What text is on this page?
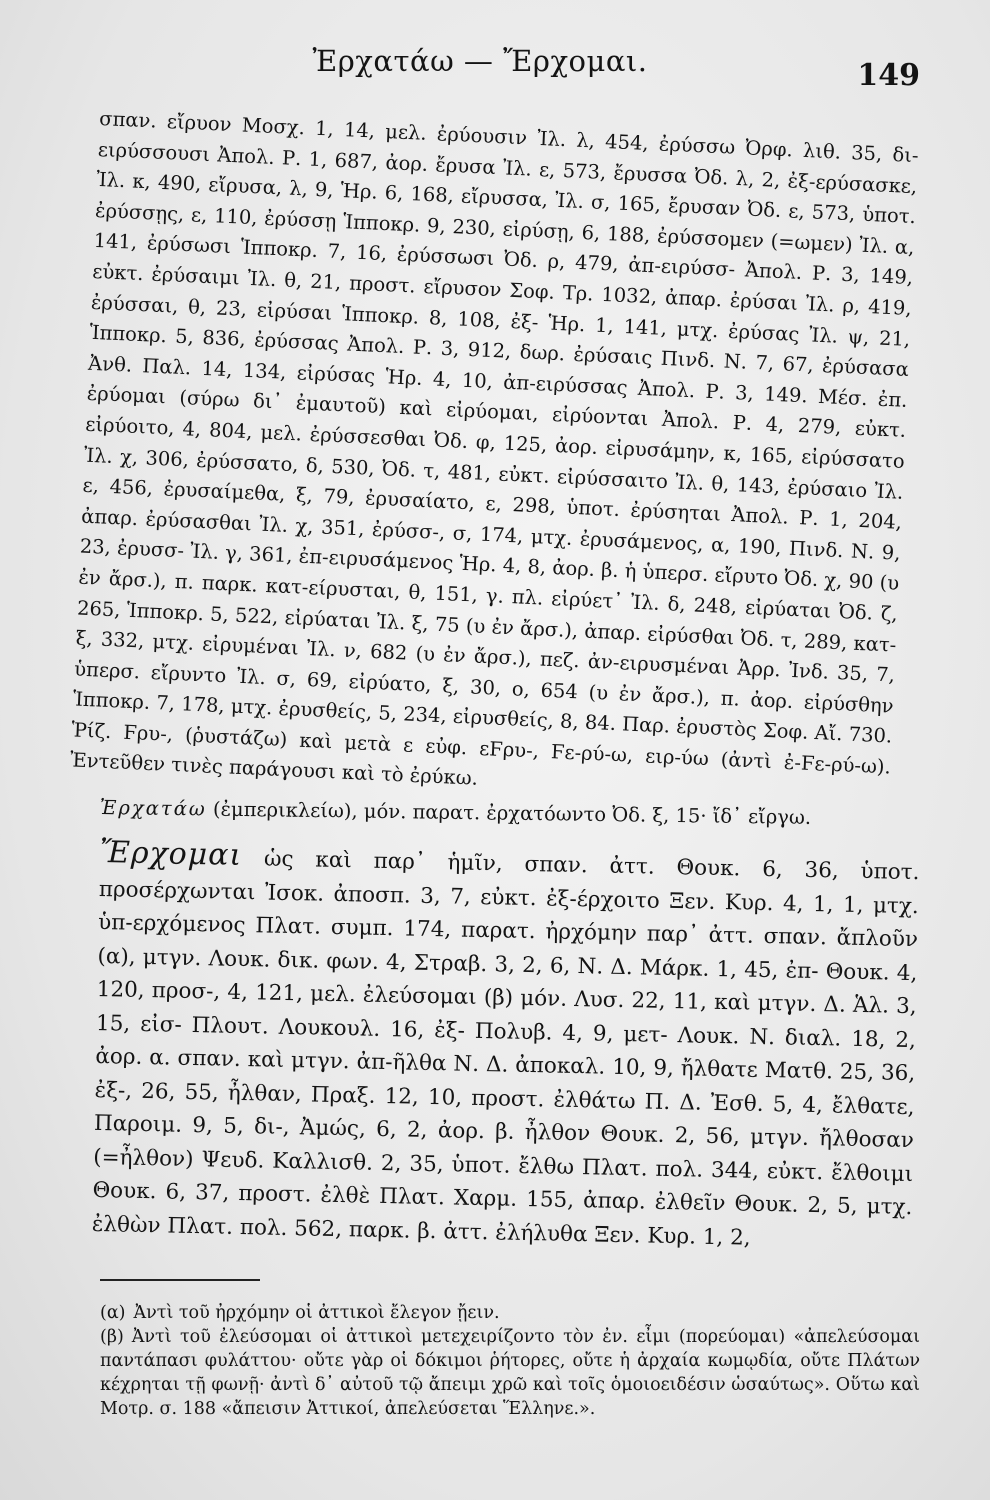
Ἐρχατάω — Ἔρχομαι.	149

σπαν. εἴρυον Μοσχ. 1, 14, μελ. ἐρύουσιν Ἰλ. λ, 454, ἐρύσσω Ὀρφ. λιθ. 35, δι-ειρύσσουσι Ἀπολ. Ρ. 1, 687, ἀορ. ἔρυσα Ἰλ. ε, 573, ἔρυσσα Ὀδ. λ, 2, ἐξ-ερύσασκε, Ἰλ. κ, 490, εἴρυσα, λ, 9, Ἡρ. 6, 168, εἴρυσσα, Ἰλ. σ, 165, ἔρυσαν Ὀδ. ε, 573, ὑποτ. ἐρύσσῃς, ε, 110, ἐρύσσῃ Ἱπποκρ. 9, 230, εἰρύσῃ, 6, 188, ἐρύσσομεν (=ωμεν) Ἰλ. α, 141, ἐρύσωσι Ἱπποκρ. 7, 16, ἐρύσσωσι Ὀδ. ρ, 479, ἀπ-ειρύσσ- Ἀπολ. Ρ. 3, 149, εὐκτ. ἐρύσαιμι Ἰλ. θ, 21, προστ. εἴρυσον Σοφ. Τρ. 1032, ἀπαρ. ἐρύσαι Ἰλ. ρ, 419, ἐρύσσαι, θ, 23, εἰρύσαι Ἱπποκρ. 8, 108, ἐξ- Ἡρ. 1, 141, μτχ. ἐρύσας Ἰλ. ψ, 21, Ἱπποκρ. 5, 836, ἐρύσσας Ἀπολ. Ρ. 3, 912, δωρ. ἐρύσαις Πινδ. Ν. 7, 67, ἐρύσασα Ἀνθ. Παλ. 14, 134, εἰρύσας Ἡρ. 4, 10, ἀπ-ειρύσσας Ἀπολ. Ρ. 3, 149. Μέσ. ἐπ. ἐρύομαι (σύρω δι᾽ ἐμαυτοῦ) καὶ εἰρύομαι, εἰρύονται Ἀπολ. Ρ. 4, 279, εὐκτ. εἰρύοιτο, 4, 804, μελ. ἐρύσσεσθαι Ὀδ. φ, 125, ἀορ. εἰρυσάμην, κ, 165, εἰρύσσατο Ἰλ. χ, 306, ἐρύσσατο, δ, 530, Ὀδ. τ, 481, εὐκτ. εἰρύσσαιτο Ἰλ. θ, 143, ἐρύσαιο Ἰλ. ε, 456, ἐρυσαίμεθα, ξ, 79, ἐρυσαίατο, ε, 298, ὑποτ. ἐρύσηται Ἀπολ. Ρ. 1, 204, ἀπαρ. ἐρύσασθαι Ἰλ. χ, 351, ἐρύσσ-, σ, 174, μτχ. ἐρυσάμενος, α, 190, Πινδ. Ν. 9, 23, ἐρυσσ- Ἰλ. γ, 361, ἐπ-ειρυσάμενος Ἡρ. 4, 8, ἀορ. β. ἡ ὑπερσ. εἴρυτο Ὀδ. χ, 90 (υ ἐν ἄρσ.), π. παρκ. κατ-είρυσται, θ, 151, γ. πλ. εἰρύετ᾽ Ἰλ. δ, 248, εἰρύαται Ὀδ. ζ, 265, Ἱπποκρ. 5, 522, εἰρύαται Ἰλ. ξ, 75 (υ ἐν ἄρσ.), ἀπαρ. εἰρύσθαι Ὀδ. τ, 289, κατ- ξ, 332, μτχ. εἰρυμέναι Ἰλ. ν, 682 (υ ἐν ἄρσ.), πεζ. ἀν-ειρυσμέναι Ἀρρ. Ἰνδ. 35, 7, ὑπερσ. εἴρυντο Ἰλ. σ, 69, εἰρύατο, ξ, 30, ο, 654 (υ ἐν ἄρσ.), π. ἀορ. εἰρύσθην Ἱπποκρ. 7, 178, μτχ. ἐρυσθείς, 5, 234, εἰρυσθείς, 8, 84. Παρ. ἐρυστὸς Σοφ. Αἴ. 730. Ῥίζ. Ϝρυ-, (ῥυστάζω) καὶ μετὰ ε εὐφ. εϜρυ-, Ϝε-ρύ-ω, ειρ-ύω (ἀντὶ ἐ-Ϝε-ρύ-ω). Ἐντεῦθεν τινὲς παράγουσι καὶ τὸ ἐρύκω.

Ἐρχατάω (ἐμπερικλείω), μόν. παρατ. ἐρχατόωντο Ὀδ. ξ, 15· ἴδ᾽ εἴργω.

Ἔρχομαι ὡς καὶ παρ᾽ ἡμῖν, σπαν. ἀττ. Θουκ. 6, 36, ὑποτ. προσέρχωνται Ἰσοκ. ἀποσπ. 3, 7, εὐκτ. ἐξ-έρχοιτο Ξεν. Κυρ. 4, 1, 1, μτχ. ὑπ-ερχόμενος Πλατ. συμπ. 174, παρατ. ἠρχόμην παρ᾽ ἀττ. σπαν. ἄπλοῦν (α), μτγν. Λουκ. δικ. φων. 4, Στραβ. 3, 2, 6, Ν. Δ. Μάρκ. 1, 45, ἐπ- Θουκ. 4, 120, προσ-, 4, 121, μελ. ἐλεύσομαι (β) μόν. Λυσ. 22, 11, καὶ μτγν. Δ. Ἁλ. 3, 15, εἰσ- Πλουτ. Λουκουλ. 16, ἐξ- Πολυβ. 4, 9, μετ- Λουκ. Ν. διαλ. 18, 2, ἀορ. α. σπαν. καὶ μτγν. ἀπ-ῆλθα Ν. Δ. ἀποκαλ. 10, 9, ἤλθατε Ματθ. 25, 36, ἐξ-, 26, 55, ἦλθαν, Πραξ. 12, 10, προστ. ἐλθάτω Π. Δ. Ἐσθ. 5, 4, ἔλθατε, Παροιμ. 9, 5, δι-, Ἀμώς, 6, 2, ἀορ. β. ἦλθον Θουκ. 2, 56, μτγν. ἤλθοσαν (=ἦλθον) Ψευδ. Καλλισθ. 2, 35, ὑποτ. ἔλθω Πλατ. πολ. 344, εὐκτ. ἔλθοιμι Θουκ. 6, 37, προστ. ἐλθὲ Πλατ. Χαρμ. 155, ἀπαρ. ἐλθεῖν Θουκ. 2, 5, μτχ. ἐλθὼν Πλατ. πολ. 562, παρκ. β. ἀττ. ἐλήλυθα Ξεν. Κυρ. 1, 2,

(α) Ἀντὶ τοῦ ἠρχόμην οἱ ἀττικοὶ ἔλεγον ᾔειν.

(β) Ἀντὶ τοῦ ἐλεύσομαι οἱ ἀττικοὶ μετεχειρίζοντο τὸν ἐν. εἶμι (πορεύομαι) «ἀπελεύσομαι παντάπασι φυλάττου· οὔτε γὰρ οἱ δόκιμοι ῥήτορες, οὔτε ἡ ἀρχαία κωμῳδία, οὔτε Πλάτων κέχρηται τῇ φωνῇ· ἀντὶ δ᾽ αὐτοῦ τῷ ἄπειμι χρῶ καὶ τοῖς ὁμοιοειδέσιν ὡσαύτως». Οὕτω καὶ Μοτρ. σ. 188 «ἄπεισιν Ἀττικοί, ἀπελεύσεται Ἕλληνε.».
